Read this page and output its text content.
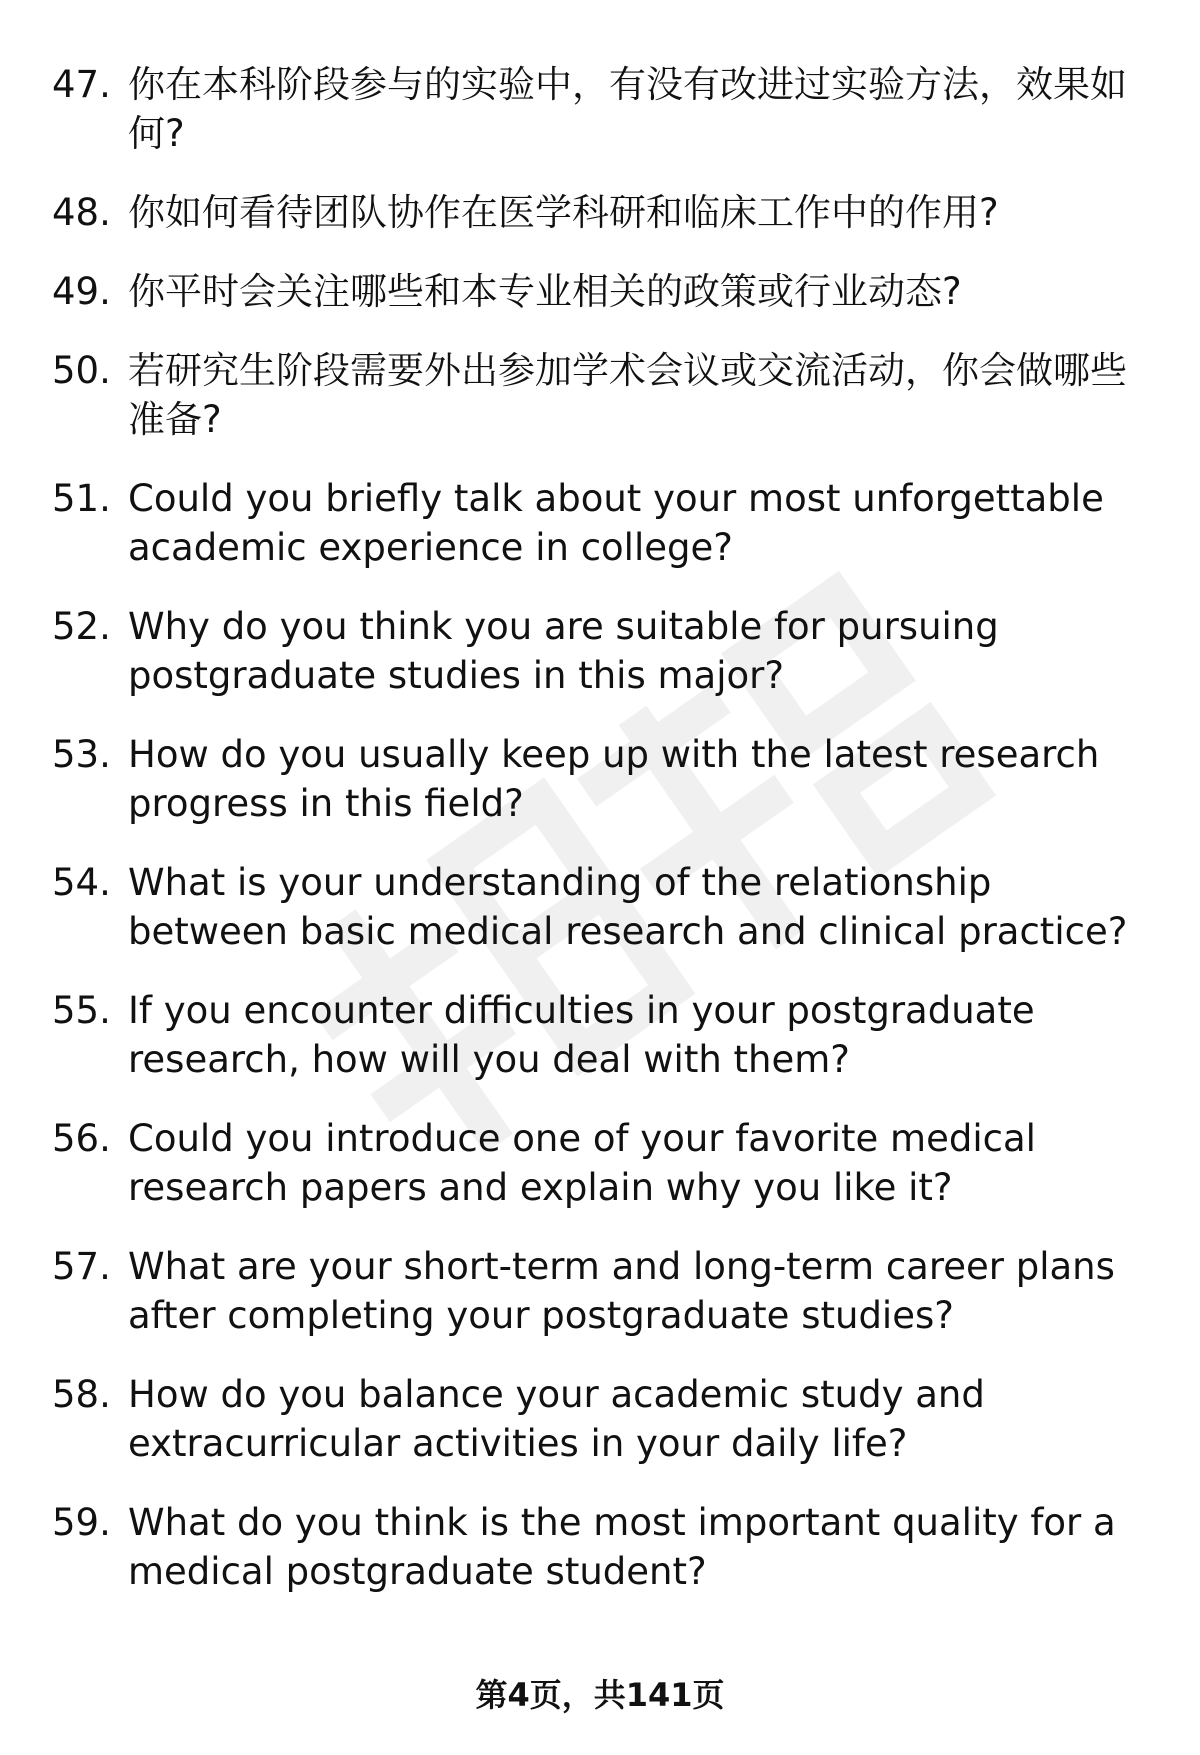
47. 你在本科阶段参与的实验中，有没有改进过实验方法，效果如何?
48. 你如何看待团队协作在医学科研和临床工作中的作用?
49. 你平时会关注哪些和本专业相关的政策或行业动态?
50. 若研究生阶段需要外出参加学术会议或交流活动，你会做哪些准备?
51. Could you briefly talk about your most unforgettable academic experience in college?
52. Why do you think you are suitable for pursuing postgraduate studies in this major?
53. How do you usually keep up with the latest research progress in this field?
54. What is your understanding of the relationship between basic medical research and clinical practice?
55. If you encounter difficulties in your postgraduate research, how will you deal with them?
56. Could you introduce one of your favorite medical research papers and explain why you like it?
57. What are your short-term and long-term career plans after completing your postgraduate studies?
58. How do you balance your academic study and extracurricular activities in your daily life?
59. What do you think is the most important quality for a medical postgraduate student?
第4页，共141页
